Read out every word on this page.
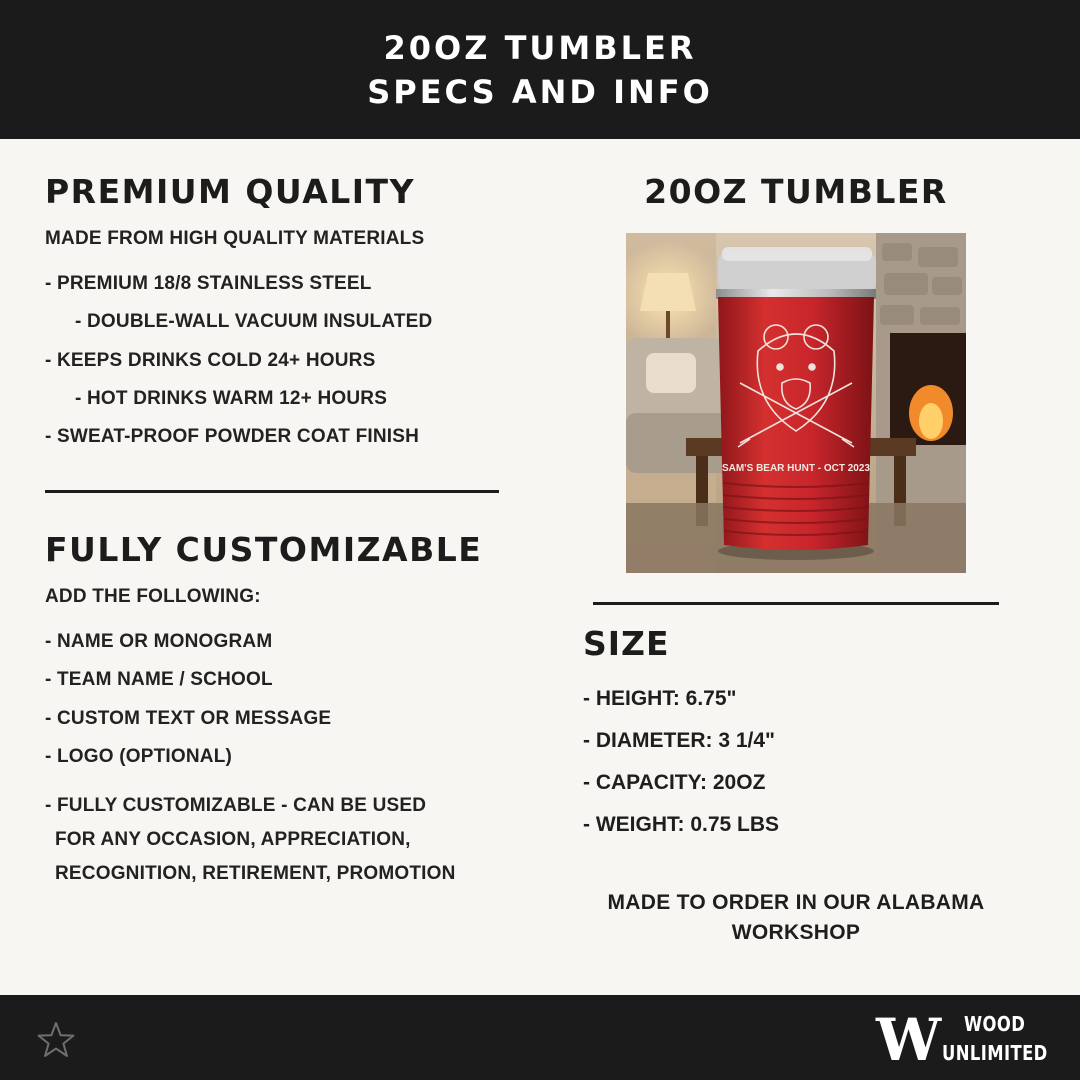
20OZ TUMBLER
SPECS AND INFO
PREMIUM QUALITY
MADE FROM HIGH QUALITY MATERIALS
- PREMIUM 18/8 STAINLESS STEEL
- DOUBLE-WALL VACUUM INSULATED
- KEEPS DRINKS COLD 24+ HOURS
- HOT DRINKS WARM 12+ HOURS
- SWEAT-PROOF POWDER COAT FINISH
FULLY CUSTOMIZABLE
ADD THE FOLLOWING:
- NAME OR MONOGRAM
- TEAM NAME / SCHOOL
- CUSTOM TEXT OR MESSAGE
- LOGO (OPTIONAL)
- FULLY CUSTOMIZABLE - CAN BE USED
FOR ANY OCCASION, APPRECIATION,
RECOGNITION, RETIREMENT, PROMOTION
20OZ TUMBLER
SAM'S BEAR HUNT - OCT 2023
SIZE
- HEIGHT: 6.75"
- DIAMETER: 3 1/4"
- CAPACITY: 20OZ
- WEIGHT: 0.75 LBS
MADE TO ORDER IN OUR ALABAMA
WORKSHOP
W WOOD
UNLIMITED
